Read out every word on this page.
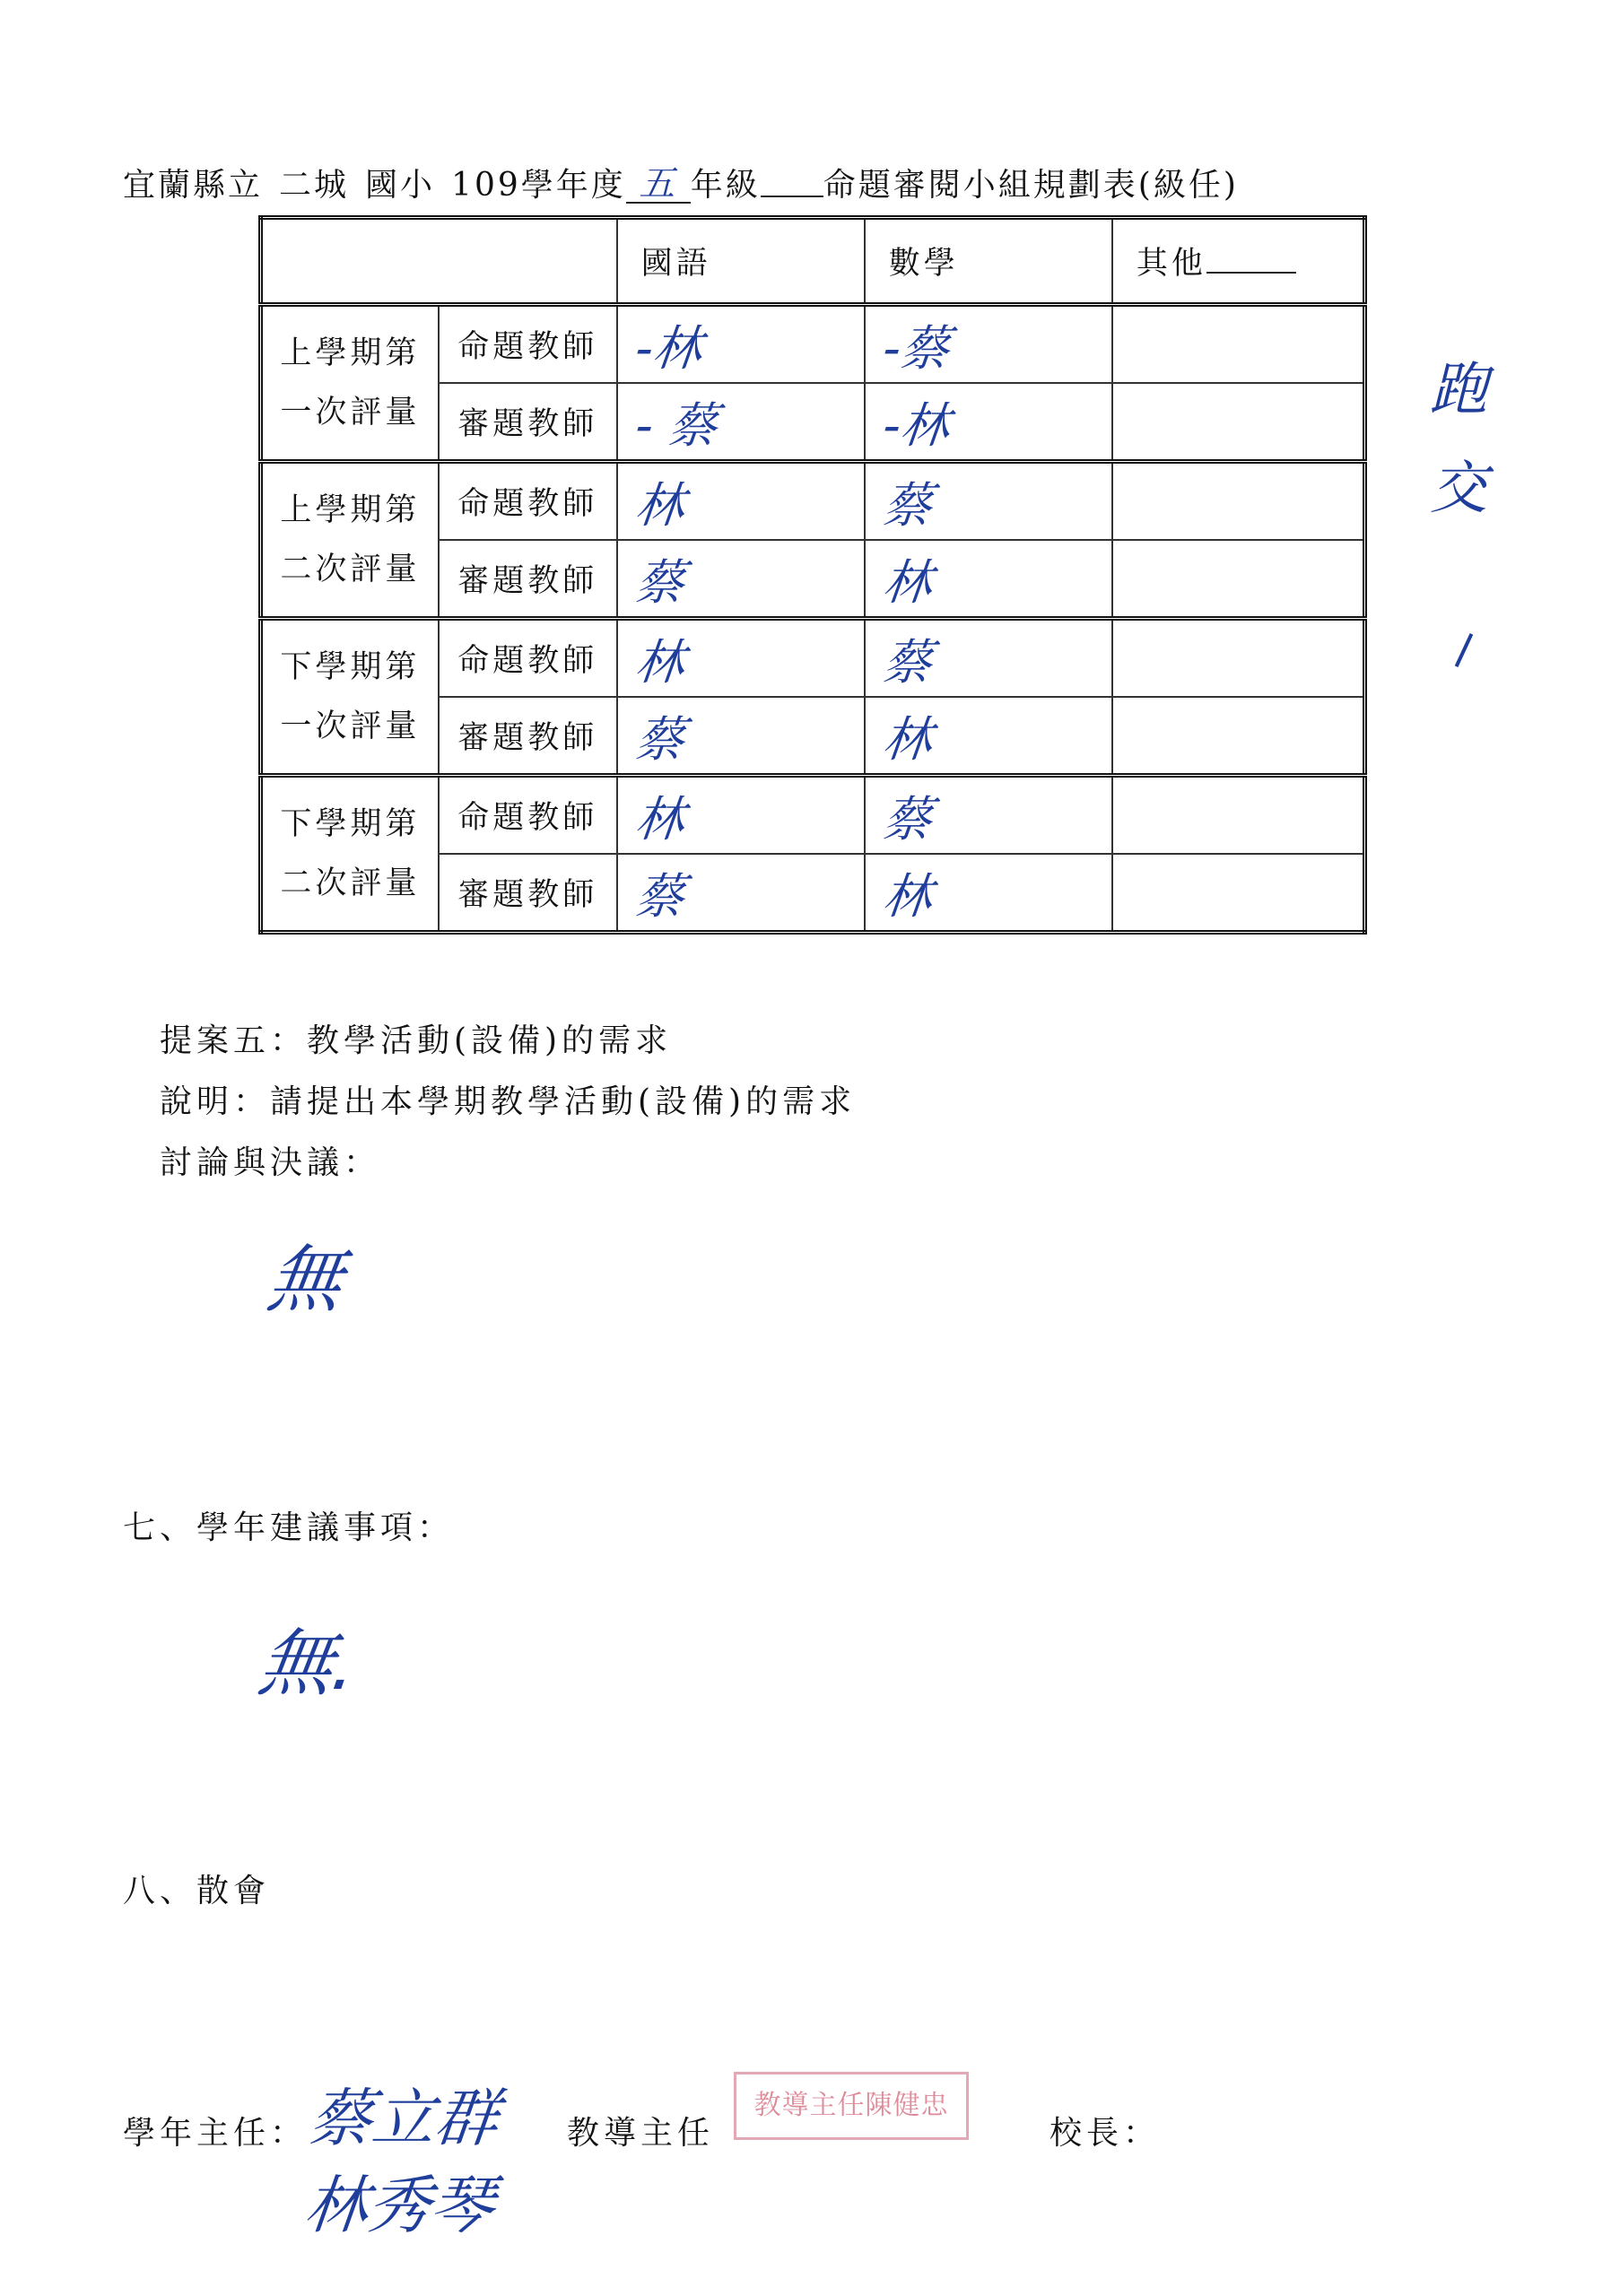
宜蘭縣立 二城 國小 109學年度 五 年級 命題審閱小組規劃表(級任)
		國語	數學	其他
上學期第
一次評量	命題教師	-林	-蔡	
	審題教師	- 蔡	-林	
上學期第
二次評量	命題教師	林	蔡	
	審題教師	蔡	林	
下學期第
一次評量	命題教師	林	蔡	
	審題教師	蔡	林	
下學期第
二次評量	命題教師	林	蔡	
	審題教師	蔡	林	
跑
交
提案五：教學活動(設備)的需求
說明：請提出本學期教學活動(設備)的需求
討論與決議：
無
七、學年建議事項：
無.
八、散會
學年主任：
蔡立群
林秀琴
教導主任
教導主任陳健忠
校長：
